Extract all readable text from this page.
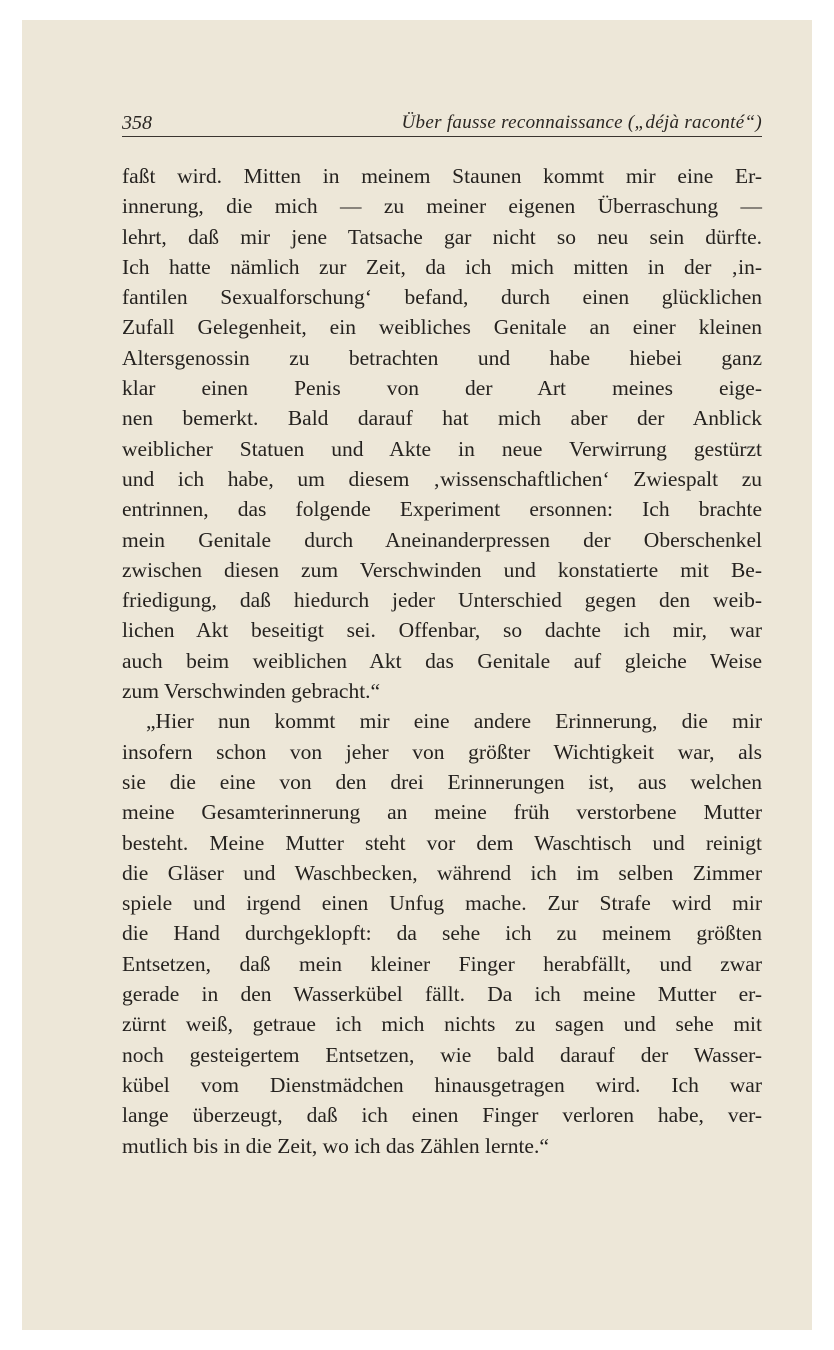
358	Über fausse reconnaissance („déjà raconté“)
faßt wird. Mitten in meinem Staunen kommt mir eine Er-
innerung, die mich — zu meiner eigenen Überraschung —
lehrt, daß mir jene Tatsache gar nicht so neu sein dürfte.
Ich hatte nämlich zur Zeit, da ich mich mitten in der ‚in-
fantilen Sexualforschung‘ befand, durch einen glücklichen
Zufall Gelegenheit, ein weibliches Genitale an einer kleinen
Altersgenossin zu betrachten und habe hiebei ganz
klar einen Penis von der Art meines eige-
nen bemerkt. Bald darauf hat mich aber der Anblick
weiblicher Statuen und Akte in neue Verwirrung gestürzt
und ich habe, um diesem ‚wissenschaftlichen‘ Zwiespalt zu
entrinnen, das folgende Experiment ersonnen: Ich brachte
mein Genitale durch Aneinanderpressen der Oberschenkel
zwischen diesen zum Verschwinden und konstatierte mit Be-
friedigung, daß hiedurch jeder Unterschied gegen den weib-
lichen Akt beseitigt sei. Offenbar, so dachte ich mir, war
auch beim weiblichen Akt das Genitale auf gleiche Weise
zum Verschwinden gebracht.“
„Hier nun kommt mir eine andere Erinnerung, die mir
insofern schon von jeher von größter Wichtigkeit war, als
sie die eine von den drei Erinnerungen ist, aus welchen
meine Gesamterinnerung an meine früh verstorbene Mutter
besteht. Meine Mutter steht vor dem Waschtisch und reinigt
die Gläser und Waschbecken, während ich im selben Zimmer
spiele und irgend einen Unfug mache. Zur Strafe wird mir
die Hand durchgeklopft: da sehe ich zu meinem größten
Entsetzen, daß mein kleiner Finger herabfällt, und zwar
gerade in den Wasserkübel fällt. Da ich meine Mutter er-
zürnt weiß, getraue ich mich nichts zu sagen und sehe mit
noch gesteigertem Entsetzen, wie bald darauf der Wasser-
kübel vom Dienstmädchen hinausgetragen wird. Ich war
lange überzeugt, daß ich einen Finger verloren habe, ver-
mutlich bis in die Zeit, wo ich das Zählen lernte.“
